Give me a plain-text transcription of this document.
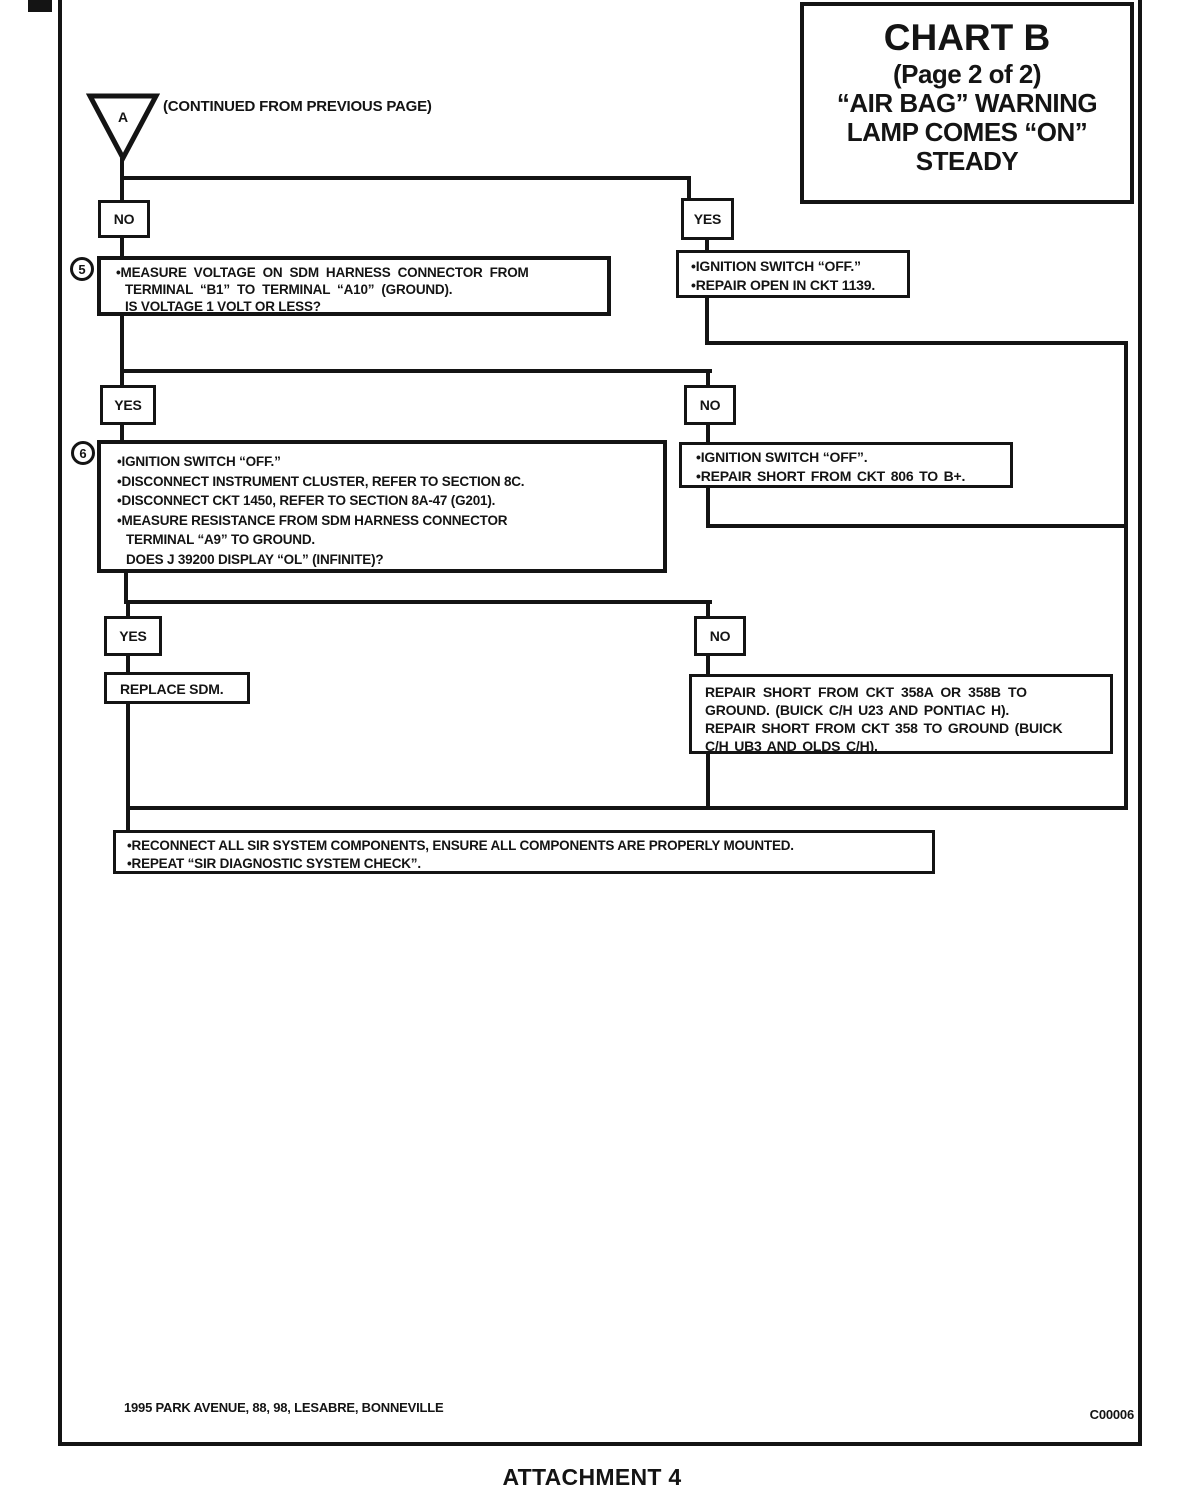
CHART B
(Page 2 of 2)
“AIR BAG” WARNING
LAMP COMES “ON”
STEADY
A
(CONTINUED FROM PREVIOUS PAGE)
NO	YES
5 •MEASURE VOLTAGE ON SDM HARNESS CONNECTOR FROM
TERMINAL “B1” TO TERMINAL “A10” (GROUND).
IS VOLTAGE 1 VOLT OR LESS?
•IGNITION SWITCH “OFF.”
•REPAIR OPEN IN CKT 1139.
YES	NO
6
•IGNITION SWITCH “OFF.”
•DISCONNECT INSTRUMENT CLUSTER, REFER TO SECTION 8C.
•DISCONNECT CKT 1450, REFER TO SECTION 8A-47 (G201).
•MEASURE RESISTANCE FROM SDM HARNESS CONNECTOR
TERMINAL “A9” TO GROUND.
DOES J 39200 DISPLAY “OL” (INFINITE)?
•IGNITION SWITCH “OFF”.
•REPAIR SHORT FROM CKT 806 TO B+.
YES	NO
REPLACE SDM.	REPAIR SHORT FROM CKT 358A OR 358B TO
GROUND. (BUICK C/H U23 AND PONTIAC H).
REPAIR SHORT FROM CKT 358 TO GROUND (BUICK
C/H UB3 AND OLDS C/H).
•RECONNECT ALL SIR SYSTEM COMPONENTS, ENSURE ALL COMPONENTS ARE PROPERLY MOUNTED.
•REPEAT “SIR DIAGNOSTIC SYSTEM CHECK”.
1995 PARK AVENUE, 88, 98, LESABRE, BONNEVILLE	C00006
ATTACHMENT 4
